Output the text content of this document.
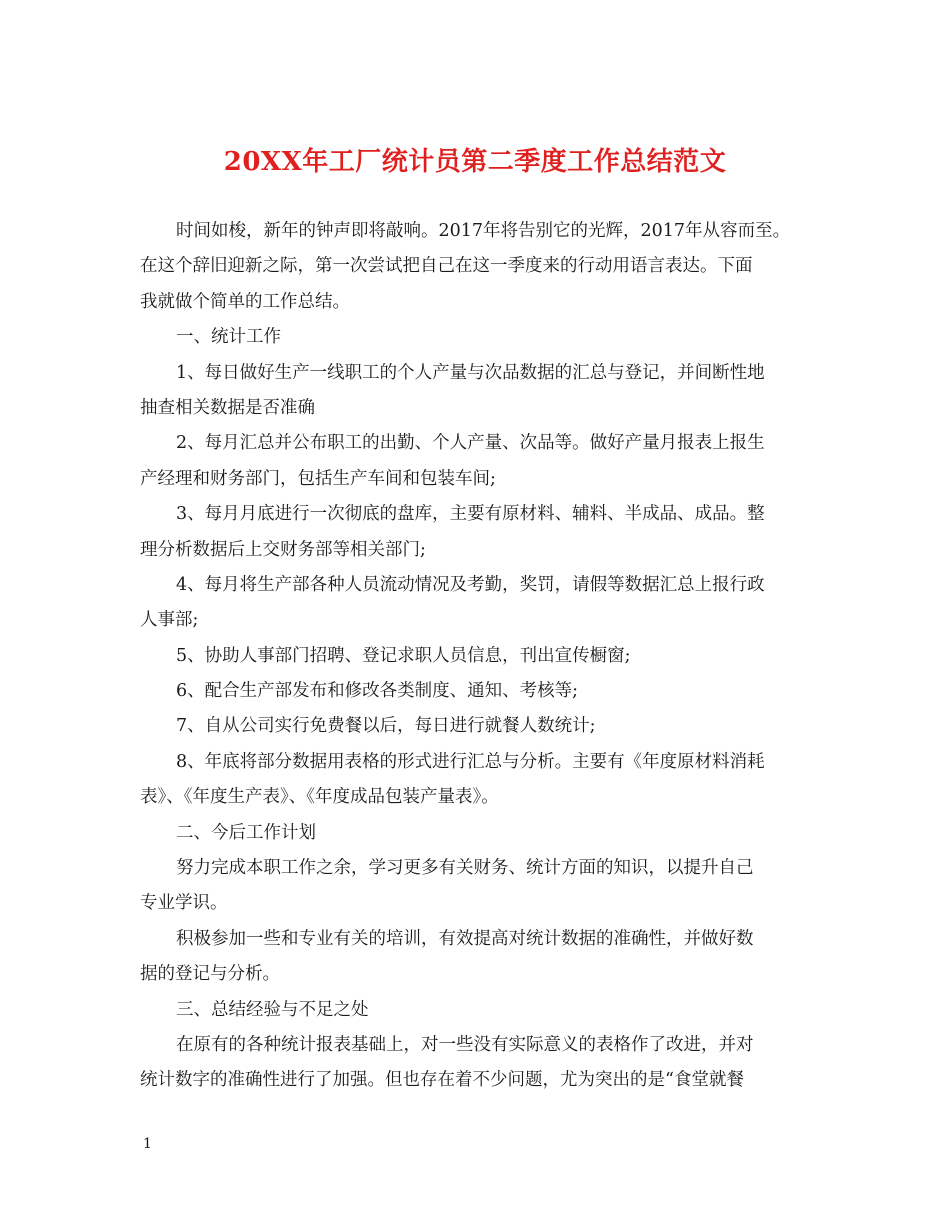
20XX年工厂统计员第二季度工作总结范文
时间如梭，新年的钟声即将敲响。2017年将告别它的光辉，2017年从容而至。
在这个辞旧迎新之际，第一次尝试把自己在这一季度来的行动用语言表达。下面
我就做个简单的工作总结。
一、统计工作
1、每日做好生产一线职工的个人产量与次品数据的汇总与登记，并间断性地
抽查相关数据是否准确
2、每月汇总并公布职工的出勤、个人产量、次品等。做好产量月报表上报生
产经理和财务部门，包括生产车间和包装车间;
3、每月月底进行一次彻底的盘库，主要有原材料、辅料、半成品、成品。整
理分析数据后上交财务部等相关部门;
4、每月将生产部各种人员流动情况及考勤，奖罚，请假等数据汇总上报行政
人事部;
5、协助人事部门招聘、登记求职人员信息，刊出宣传橱窗;
6、配合生产部发布和修改各类制度、通知、考核等;
7、自从公司实行免费餐以后，每日进行就餐人数统计;
8、年底将部分数据用表格的形式进行汇总与分析。主要有《年度原材料消耗
表》、《年度生产表》、《年度成品包装产量表》。
二、今后工作计划
努力完成本职工作之余，学习更多有关财务、统计方面的知识，以提升自己
专业学识。
积极参加一些和专业有关的培训，有效提高对统计数据的准确性，并做好数
据的登记与分析。
三、总结经验与不足之处
在原有的各种统计报表基础上，对一些没有实际意义的表格作了改进，并对
统计数字的准确性进行了加强。但也存在着不少问题，尤为突出的是“食堂就餐
1
